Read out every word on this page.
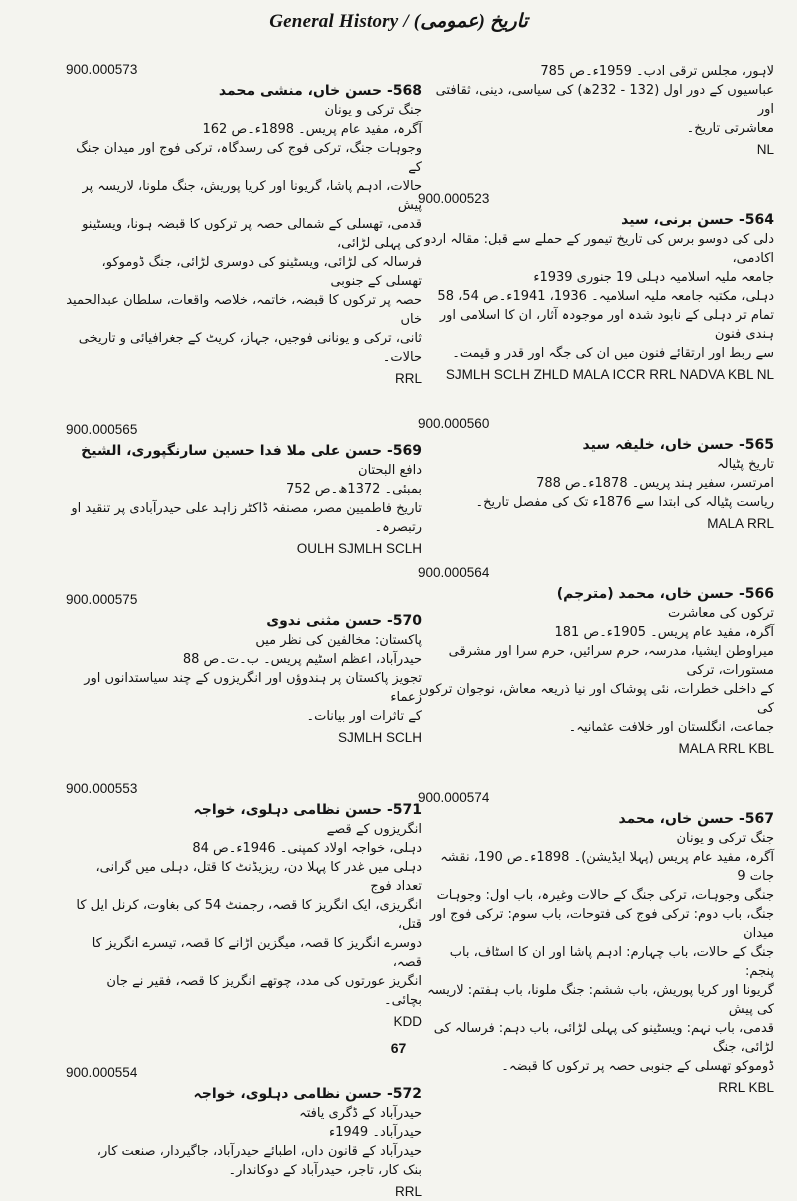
General History / (عمومی) تاریخ
900.000573
568- حسن خاں، منشی محمد
جنگ ترکی و یونان
آگرہ، مفید عام پریس۔ 1898ء۔ص 162
وجوہات جنگ، ترکی فوج کی رسدگاہ، ترکی فوج اور میدان جنگ کے
حالات، ادہم پاشا، گریونا اور کریا پوریش، جنگ ملونا، لاریسہ پر پیش
قدمی، تھسلی کے شمالی حصہ پر ترکوں کا قبضہ ہونا، ویسٹینو کی پہلی لڑائی،
فرسالہ کی لڑائی، ویسٹینو کی دوسری لڑائی، جنگ ڈوموکو، تھسلی کے جنوبی
حصہ پر ترکوں کا قبضہ، خاتمہ، خلاصہ واقعات، سلطان عبدالحمید خاں
ثانی، ترکی و یونانی فوجیں، جہاز، کریٹ کے جغرافیائی و تاریخی حالات۔
RRL
900.000565
569- حسن علی ملا فدا حسین سارنگپوری، الشیخ
دافع البحتان
بمبئی۔ 1372ھ۔ص 752
تاریخ فاطمیین مصر، مصنفہ ڈاکٹر زاہد علی حیدرآبادی پر تنقید او رتبصرہ۔
OULH SJMLH SCLH
900.000575
570- حسن مثنی ندوی
پاکستان: مخالفین کی نظر میں
حیدرآباد، اعظم اسٹیم پریس۔ ب۔ت۔ص 88
تجویز پاکستان پر ہندوؤں اور انگریزوں کے چند سیاستدانوں اور زعماء
کے تاثرات اور بیانات۔
SJMLH SCLH
900.000553
571- حسن نظامی دہلوی، خواجہ
انگریزوں کے قصے
دہلی، خواجہ اولاد کمپنی۔ 1946ء۔ص 84
دہلی میں غدر کا پہلا دن، ریزیڈنٹ کا قتل، دہلی میں گرانی، تعداد فوج
انگریزی، ایک انگریز کا قصہ، رجمنٹ 54 کی بغاوت، کرنل ایل کا قتل،
دوسرے انگریز کا قصہ، میگزین اڑانے کا قصہ، تیسرے انگریز کا قصہ،
انگریز عورتوں کی مدد، چوتھے انگریز کا قصہ، فقیر نے جان بچائی۔
KDD
900.000554
572- حسن نظامی دہلوی، خواجہ
حیدرآباد کے ڈگری یافتہ
حیدرآباد۔ 1949ء
حیدرآباد کے قانون داں، اطبائے حیدرآباد، جاگیردار، صنعت کار،
بنک کار، تاجر، حیدرآباد کے دوکاندار۔
RRL
لاہور، مجلس ترقی ادب۔ 1959ء۔ص 785
عباسیوں کے دور اول (132 - 232ھ) کی سیاسی، دینی، ثقافتی اور
معاشرتی تاریخ۔
NL
900.000523
564- حسن برنی، سید
دلی کی دوسو برس کی تاریخ تیمور کے حملے سے قبل: مقالہ اردو اکادمی،
جامعہ ملیہ اسلامیہ دہلی 19 جنوری 1939ء
دہلی، مکتبہ جامعہ ملیہ اسلامیہ۔ 1936، 1941ء۔ص 54، 58
تمام تر دہلی کے نابود شدہ اور موجودہ آثار، ان کا اسلامی اور ہندی فنون
سے ربط اور ارتقائے فنون میں ان کی جگہ اور قدر و قیمت۔
SJMLH SCLH ZHLD MALA ICCR RRL NADVA KBL NL
900.000560
565- حسن خاں، خلیفہ سید
تاریخ پٹیالہ
امرتسر، سفیر ہند پریس۔ 1878ء۔ص 788
ریاست پٹیالہ کی ابتدا سے 1876ء تک کی مفصل تاریخ۔
MALA RRL
900.000564
566- حسن خاں، محمد (مترجم)
ترکوں کی معاشرت
آگرہ، مفید عام پریس۔ 1905ء۔ص 181
میراوطن ایشیا، مدرسہ، حرم سرائیں، حرم سرا اور مشرقی مستورات، ترکی
کے داخلی خطرات، نئی پوشاک اور نیا ذریعہ معاش، نوجوان ترکوں کی
جماعت، انگلستان اور خلافت عثمانیہ۔
MALA RRL KBL
900.000574
567- حسن خاں، محمد
جنگ ترکی و یونان
آگرہ، مفید عام پریس (پہلا ایڈیشن)۔ 1898ء۔ص 190، نقشہ جات 9
جنگی وجوہات، ترکی جنگ کے حالات وغیرہ، باب اول: وجوہات
جنگ، باب دوم: ترکی فوج کی فتوحات، باب سوم: ترکی فوج اور میدان
جنگ کے حالات، باب چہارم: ادہم پاشا اور ان کا اسٹاف، باب پنجم:
گریونا اور کریا پوریش، باب ششم: جنگ ملونا، باب ہفتم: لاریسہ کی پیش
قدمی، باب نہم: ویسٹینو کی پہلی لڑائی، باب دہم: فرسالہ کی لڑائی، جنگ
ڈوموکو تھسلی کے جنوبی حصہ پر ترکوں کا قبضہ۔
RRL KBL
67
